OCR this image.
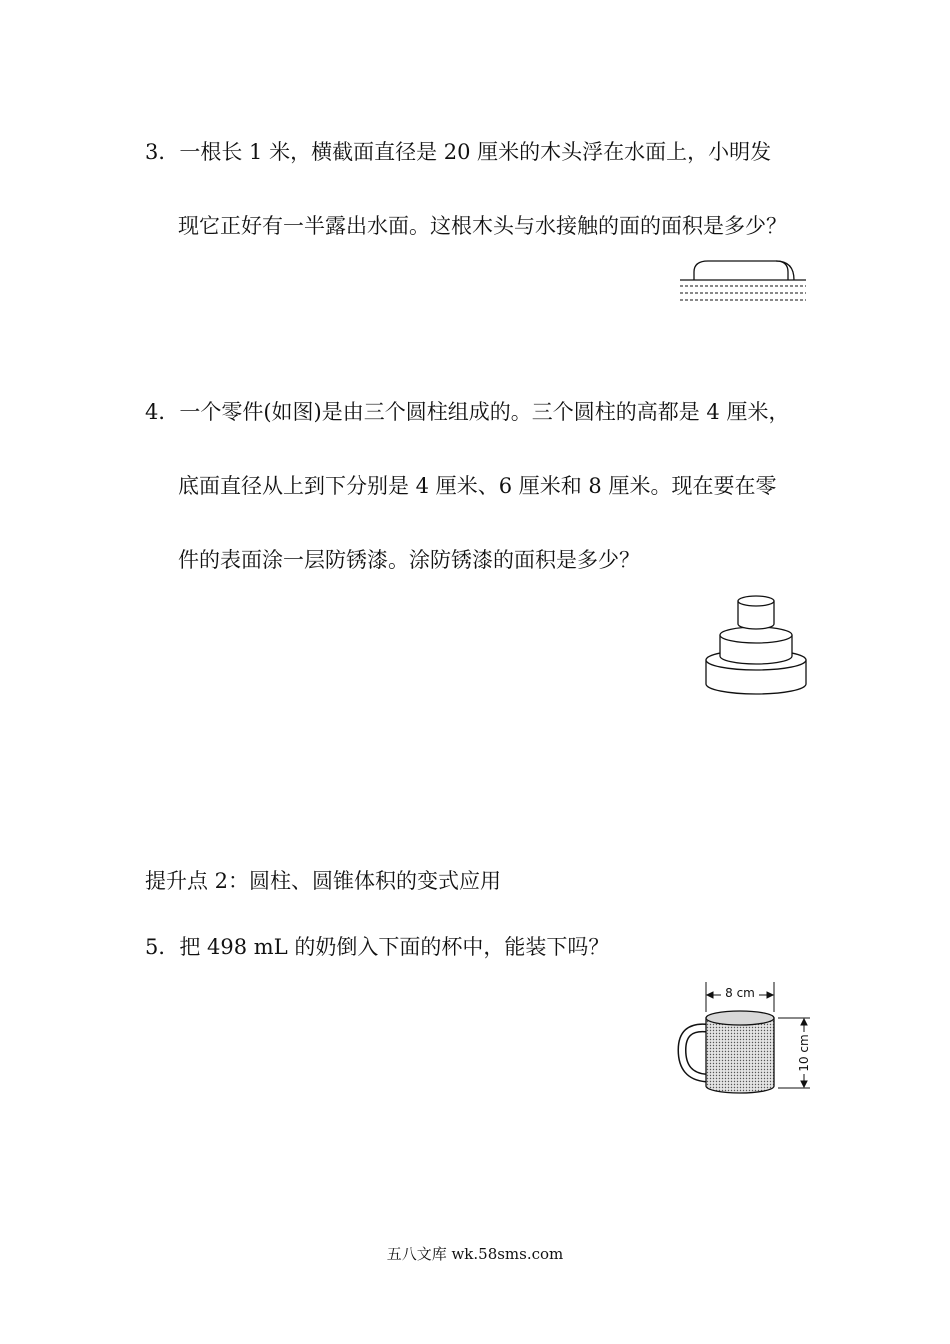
3．一根长 1 米，横截面直径是 20 厘米的木头浮在水面上，小明发
现它正好有一半露出水面。这根木头与水接触的面的面积是多少？
4．一个零件(如图)是由三个圆柱组成的。三个圆柱的高都是 4 厘米，
底面直径从上到下分别是 4 厘米、6 厘米和 8 厘米。现在要在零
件的表面涂一层防锈漆。涂防锈漆的面积是多少？
提升点 2：圆柱、圆锥体积的变式应用
5．把 498 mL 的奶倒入下面的杯中，能装下吗？
8 cm
10 cm
五八文库 wk.58sms.com
